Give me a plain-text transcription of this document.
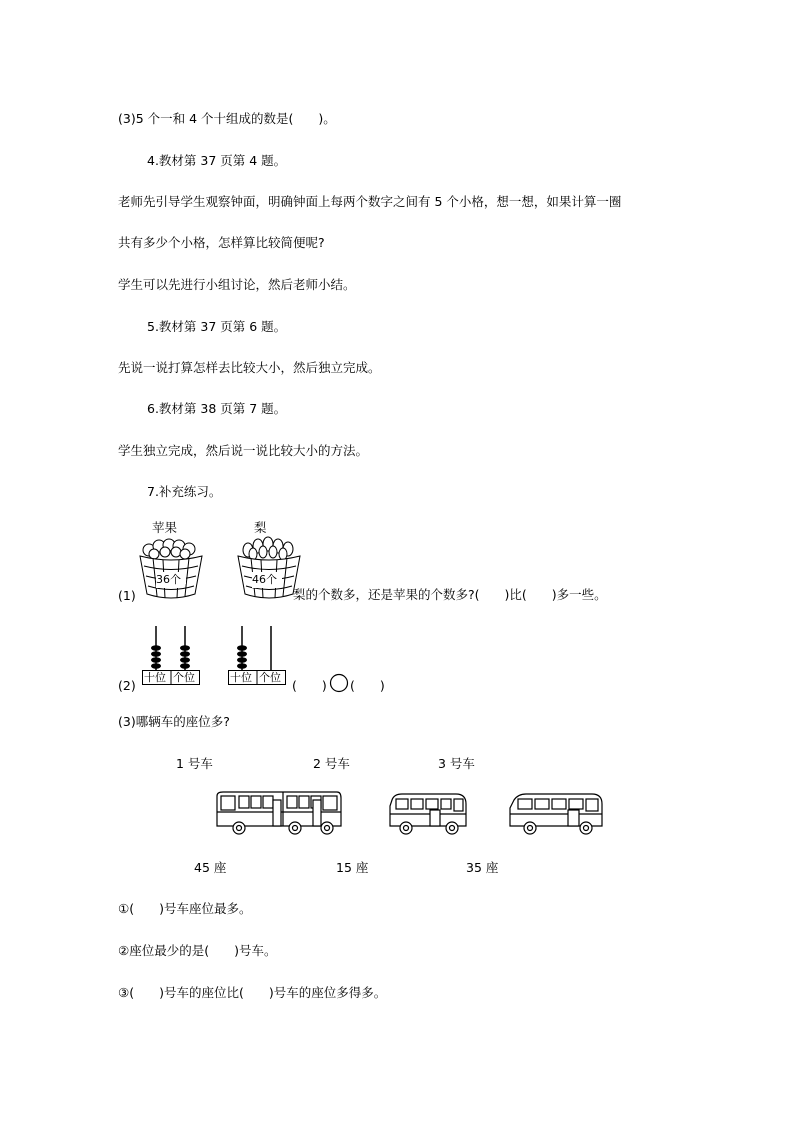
(3)5 个一和 4 个十组成的数是(　　)。
4.教材第 37 页第 4 题。
老师先引导学生观察钟面，明确钟面上每两个数字之间有 5 个小格，想一想，如果计算一圈
共有多少个小格，怎样算比较简便呢?
学生可以先进行小组讨论，然后老师小结。
5.教材第 37 页第 6 题。
先说一说打算怎样去比较大小，然后独立完成。
6.教材第 38 页第 7 题。
学生独立完成，然后说一说比较大小的方法。
7.补充练习。
苹果	梨
(1)
36个	46个
梨的个数多，还是苹果的个数多?(　　)比(　　)多一些。
(2)
十位 个位	十位 个位
(　　) (　　)
(3)哪辆车的座位多?
1 号车	2 号车	3 号车
45 座	15 座	35 座
①(　　)号车座位最多。
②座位最少的是(　　)号车。
③(　　)号车的座位比(　　)号车的座位多得多。
